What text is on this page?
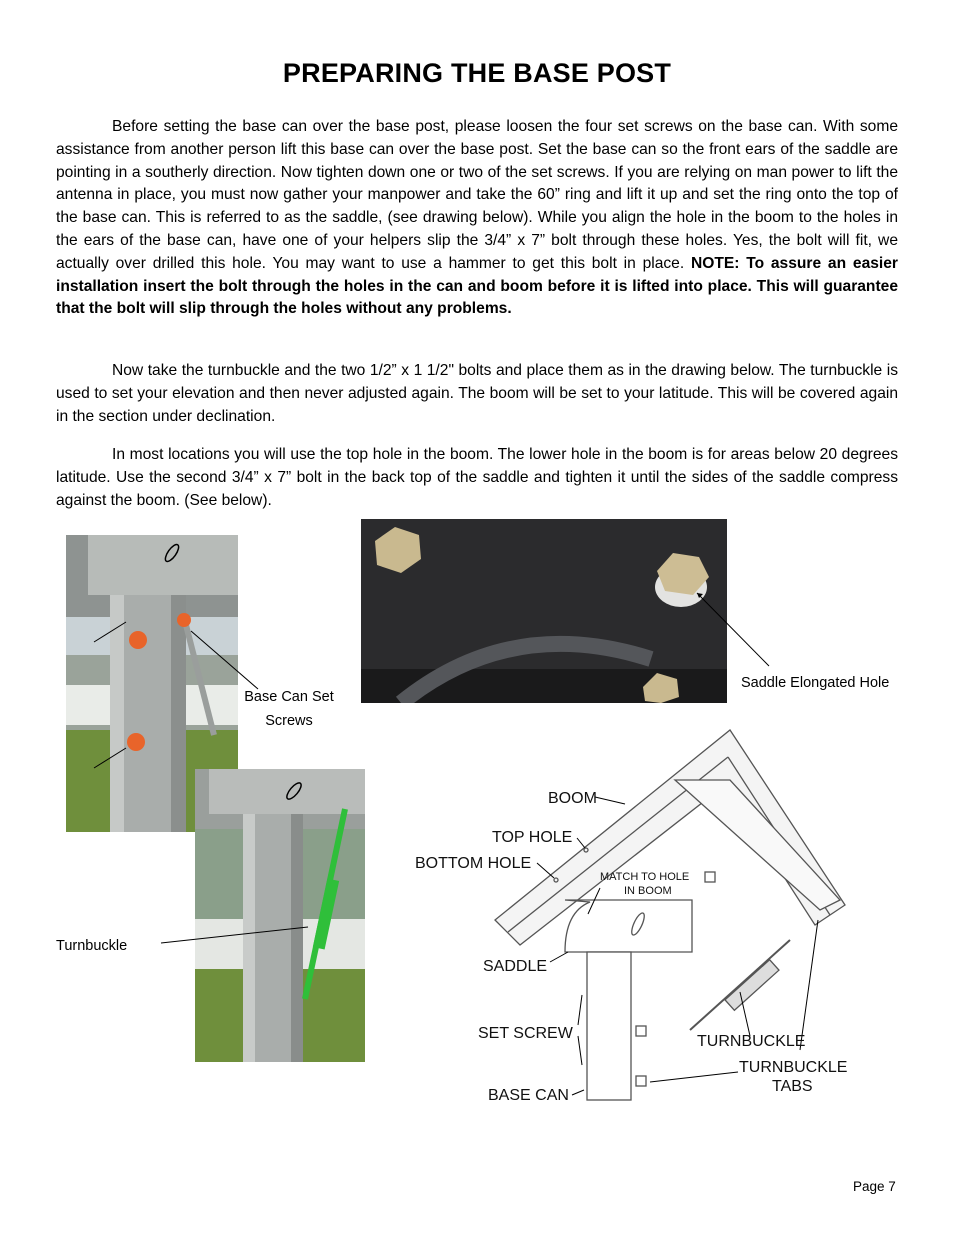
PREPARING THE BASE POST
Before setting the base can over the base post, please loosen the four set screws on the base can. With some assistance from another person lift this base can over the base post. Set the base can so the front ears of the saddle are pointing in a southerly direction. Now tighten down one or two of the set screws. If you are relying on man power to lift the antenna in place, you must now gather your manpower and take the 60” ring and lift it up and set the ring onto the top of the base can. This is referred to as the saddle, (see drawing below). While you align the hole in the boom to the holes in the ears of the base can, have one of your helpers slip the 3/4” x 7” bolt through these holes. Yes, the bolt will fit, we actually over drilled this hole. You may want to use a hammer to get this bolt in place. NOTE: To assure an easier installation insert the bolt through the holes in the can and boom before it is lifted into place. This will guarantee that the bolt will slip through the holes without any problems.
Now take the turnbuckle and the two 1/2” x 1 1/2" bolts and place them as in the drawing below. The turnbuckle is used to set your elevation and then never adjusted again. The boom will be set to your latitude. This will be covered again in the section under declination.
In most locations you will use the top hole in the boom. The lower hole in the boom is for areas below 20 degrees latitude. Use the second 3/4” x 7” bolt in the back top of the saddle and tighten it until the sides of the saddle compress against the boom. (See below).
Base Can Set Screws
Saddle Elongated Hole
Turnbuckle
BOOM
TOP HOLE
BOTTOM HOLE
MATCH TO HOLE
IN BOOM
SADDLE
SET SCREW
BASE CAN
TURNBUCKLE
TURNBUCKLE
TABS
Page 7
